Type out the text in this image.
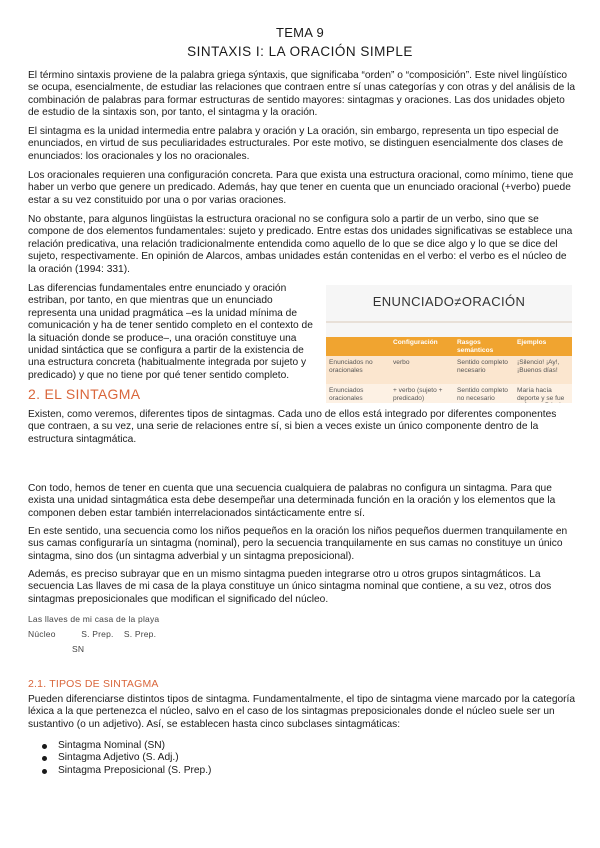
TEMA 9
SINTAXIS I: LA ORACIÓN SIMPLE

El término sintaxis proviene de la palabra griega sýntaxis, que significaba “orden” o “composición”. Este nivel lingüístico se ocupa, esencialmente, de estudiar las relaciones que contraen entre sí unas categorías y con otras y del análisis de la combinación de palabras para formar estructuras de sentido mayores: sintagmas y oraciones. Las dos unidades objeto de estudio de la sintaxis son, por tanto, el sintagma y la oración.

El sintagma es la unidad intermedia entre palabra y oración y La oración, sin embargo, representa un tipo especial de enunciados, en virtud de sus peculiaridades estructurales. Por este motivo, se distinguen esencialmente dos clases de enunciados: los oracionales y los no oracionales.

Los oracionales requieren una configuración concreta. Para que exista una estructura oracional, como mínimo, tiene que haber un verbo que genere un predicado. Además, hay que tener en cuenta que un enunciado oracional (+verbo) puede estar a su vez constituido por una o por varias oraciones.

No obstante, para algunos lingüistas la estructura oracional no se configura solo a partir de un verbo, sino que se compone de dos elementos fundamentales: sujeto y predicado. Entre estas dos unidades significativas se establece una relación predicativa, una relación tradicionalmente entendida como aquello de lo que se dice algo y lo que se dice del sujeto, respectivamente. En opinión de Alarcos, ambas unidades están contenidas en el verbo: el verbo es el núcleo de la oración (1994: 331).

Las diferencias fundamentales entre enunciado y oración estriban, por tanto, en que mientras que un enunciado representa una unidad pragmática –es la unidad mínima de comunicación y ha de tener sentido completo en el contexto de la situación donde se produce–, una oración constituye una unidad sintáctica que se configura a partir de la existencia de una estructura concreta (habitualmente integrada por sujeto y predicado) y que no tiene por qué tener sentido completo.

ENUNCIADO≠ORACIÓN
	Configuración	Rasgos semánticos	Ejemplos
Enunciados no oracionales	verbo	Sentido completo necesario	¡Silencio! ¡Ay!, ¡Buenos días!
Enunciados oracionales	+ verbo (sujeto + predicado)	Sentido completo no necesario	María hacía deporte y se fue
2. EL SINTAGMA

Existen, como veremos, diferentes tipos de sintagmas. Cada uno de ellos está integrado por diferentes componentes que contraen, a su vez, una serie de relaciones entre sí, si bien a veces existe un único componente dentro de la estructura sintagmática.

Con todo, hemos de tener en cuenta que una secuencia cualquiera de palabras no configura un sintagma. Para que exista una unidad sintagmática esta debe desempeñar una determinada función en la oración y los elementos que la componen deben estar también interrelacionados sintácticamente entre sí.

En este sentido, una secuencia como los niños pequeños en la oración los niños pequeños duermen tranquilamente en sus camas configuraría un sintagma (nominal), pero la secuencia tranquilamente en sus camas no constituye un único sintagma, sino dos (un sintagma adverbial y un sintagma preposicional).

Además, es preciso subrayar que en un mismo sintagma pueden integrarse otro u otros grupos sintagmáticos. La secuencia Las llaves de mi casa de la playa constituye un único sintagma nominal que contiene, a su vez, otros dos sintagmas preposicionales que modifican el significado del núcleo.

Las llaves de mi casa de la playa
Núcleo          S. Prep.    S. Prep.
SN
2.1. TIPOS DE SINTAGMA

Pueden diferenciarse distintos tipos de sintagma. Fundamentalmente, el tipo de sintagma viene marcado por la categoría léxica a la que pertenezca el núcleo, salvo en el caso de los sintagmas preposicionales donde el núcleo suele ser un sustantivo (o un adjetivo). Así, se establecen hasta cinco subclases sintagmáticas:

Sintagma Nominal (SN)
Sintagma Adjetivo (S. Adj.)
Sintagma Preposicional (S. Prep.)
